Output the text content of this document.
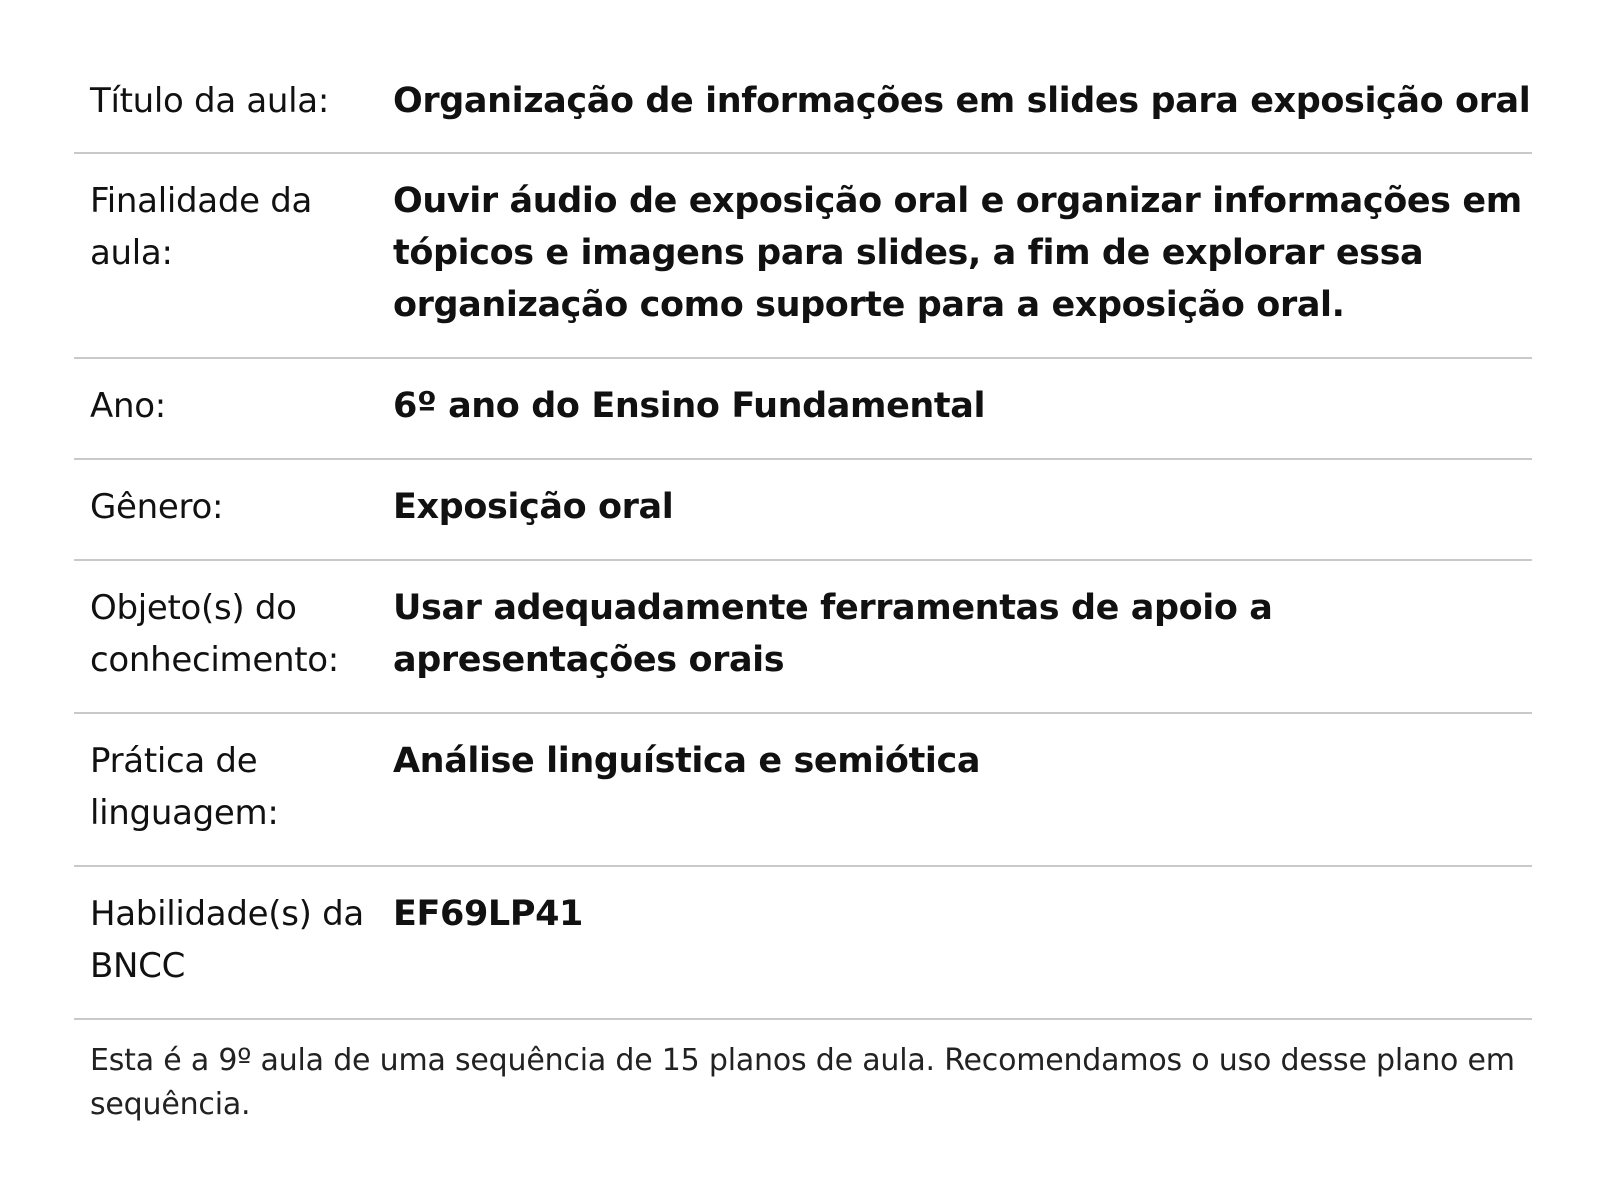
Título da aula:	Organização de informações em slides para exposição oral
Finalidade da aula:	Ouvir áudio de exposição oral e organizar informações em tópicos e imagens para slides, a fim de explorar essa organização como suporte para a exposição oral.
Ano:	6º ano do Ensino Fundamental
Gênero:	Exposição oral
Objeto(s) do conhecimento:	Usar adequadamente ferramentas de apoio a apresentações orais
Prática de linguagem:	Análise linguística e semiótica
Habilidade(s) da BNCC	EF69LP41

Esta é a 9º aula de uma sequência de 15 planos de aula. Recomendamos o uso desse plano em sequência.
